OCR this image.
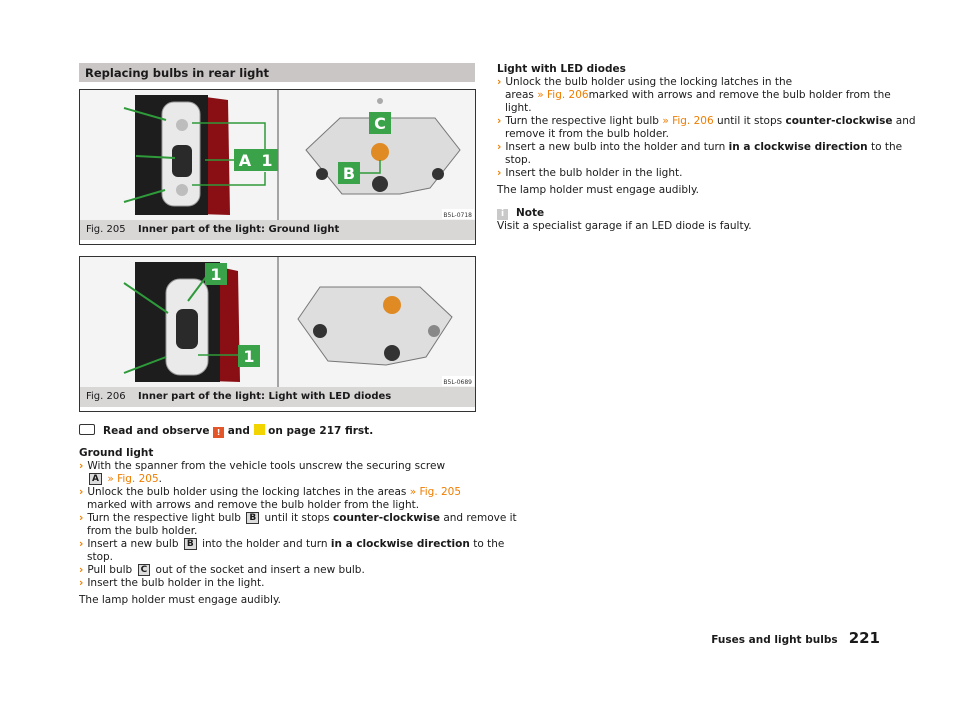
Replacing bulbs in rear light
A 1
C
B
B5L-0718
Fig. 205 Inner part of the light: Ground light
1
1
B5L-0689
Fig. 206 Inner part of the light: Light with LED diodes
Read and observe ! and on page 217 first.
Ground light
› With the spanner from the vehicle tools unscrew the securing screw
A » Fig. 205.
› Unlock the bulb holder using the locking latches in the areas » Fig. 205
marked with arrows and remove the bulb holder from the light.
› Turn the respective light bulb B until it stops counter-clockwise and remove it
from the bulb holder.
› Insert a new bulb B into the holder and turn in a clockwise direction to the
stop.
› Pull bulb C out of the socket and insert a new bulb.
› Insert the bulb holder in the light.
The lamp holder must engage audibly.
Light with LED diodes
› Unlock the bulb holder using the locking latches in the
areas » Fig. 206marked with arrows and remove the bulb holder from the
light.
› Turn the respective light bulb » Fig. 206 until it stops counter-clockwise and
remove it from the bulb holder.
› Insert a new bulb into the holder and turn in a clockwise direction to the
stop.
› Insert the bulb holder in the light.
The lamp holder must engage audibly.
i Note
Visit a specialist garage if an LED diode is faulty.
Fuses and light bulbs 221
